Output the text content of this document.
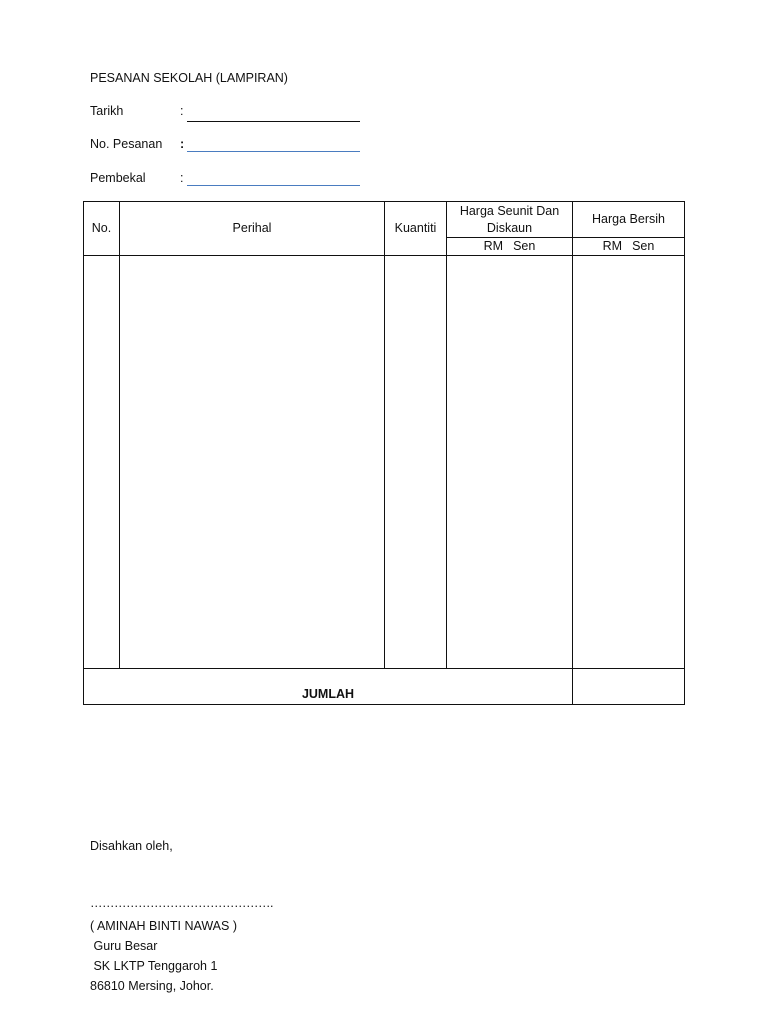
PESANAN SEKOLAH (LAMPIRAN)
Tarikh	:
No. Pesanan :
Pembekal	:
No.	Perihal	Kuantiti	Harga Seunit Dan Diskaun	Harga Bersih
			RM Sen	RM Sen

JUMLAH				
Disahkan oleh,
……………………………………….
( AMINAH BINTI NAWAS )
Guru Besar
SK LKTP Tenggaroh 1
86810 Mersing, Johor.
